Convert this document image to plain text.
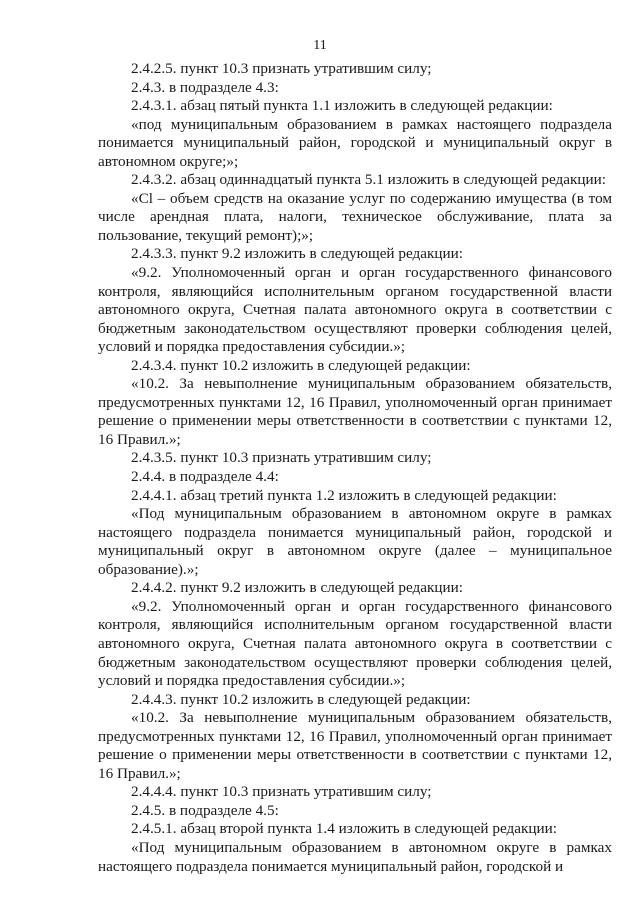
11

2.4.2.5. пункт 10.3 признать утратившим силу;

2.4.3. в подразделе 4.3:

2.4.3.1. абзац пятый пункта 1.1 изложить в следующей редакции:

«под муниципальным образованием в рамках настоящего подраздела понимается муниципальный район, городской и муниципальный округ в автономном округе;»;

2.4.3.2. абзац одиннадцатый пункта 5.1 изложить в следующей редакции:

«Cl – объем средств на оказание услуг по содержанию имущества (в том числе арендная плата, налоги, техническое обслуживание, плата за пользование, текущий ремонт);»;

2.4.3.3. пункт 9.2 изложить в следующей редакции:

«9.2. Уполномоченный орган и орган государственного финансового контроля, являющийся исполнительным органом государственной власти автономного округа, Счетная палата автономного округа в соответствии с бюджетным законодательством осуществляют проверки соблюдения целей, условий и порядка предоставления субсидии.»;

2.4.3.4. пункт 10.2 изложить в следующей редакции:

«10.2. За невыполнение муниципальным образованием обязательств, предусмотренных пунктами 12, 16 Правил, уполномоченный орган принимает решение о применении меры ответственности в соответствии с пунктами 12, 16 Правил.»;

2.4.3.5. пункт 10.3 признать утратившим силу;

2.4.4. в подразделе 4.4:

2.4.4.1. абзац третий пункта 1.2 изложить в следующей редакции:

«Под муниципальным образованием в автономном округе в рамках настоящего подраздела понимается муниципальный район, городской и муниципальный округ в автономном округе (далее – муниципальное образование).»;

2.4.4.2. пункт 9.2 изложить в следующей редакции:

«9.2. Уполномоченный орган и орган государственного финансового контроля, являющийся исполнительным органом государственной власти автономного округа, Счетная палата автономного округа в соответствии с бюджетным законодательством осуществляют проверки соблюдения целей, условий и порядка предоставления субсидии.»;

2.4.4.3. пункт 10.2 изложить в следующей редакции:

«10.2. За невыполнение муниципальным образованием обязательств, предусмотренных пунктами 12, 16 Правил, уполномоченный орган принимает решение о применении меры ответственности в соответствии с пунктами 12, 16 Правил.»;

2.4.4.4. пункт 10.3 признать утратившим силу;

2.4.5. в подразделе 4.5:

2.4.5.1. абзац второй пункта 1.4 изложить в следующей редакции:

«Под муниципальным образованием в автономном округе в рамках настоящего подраздела понимается муниципальный район, городской и
